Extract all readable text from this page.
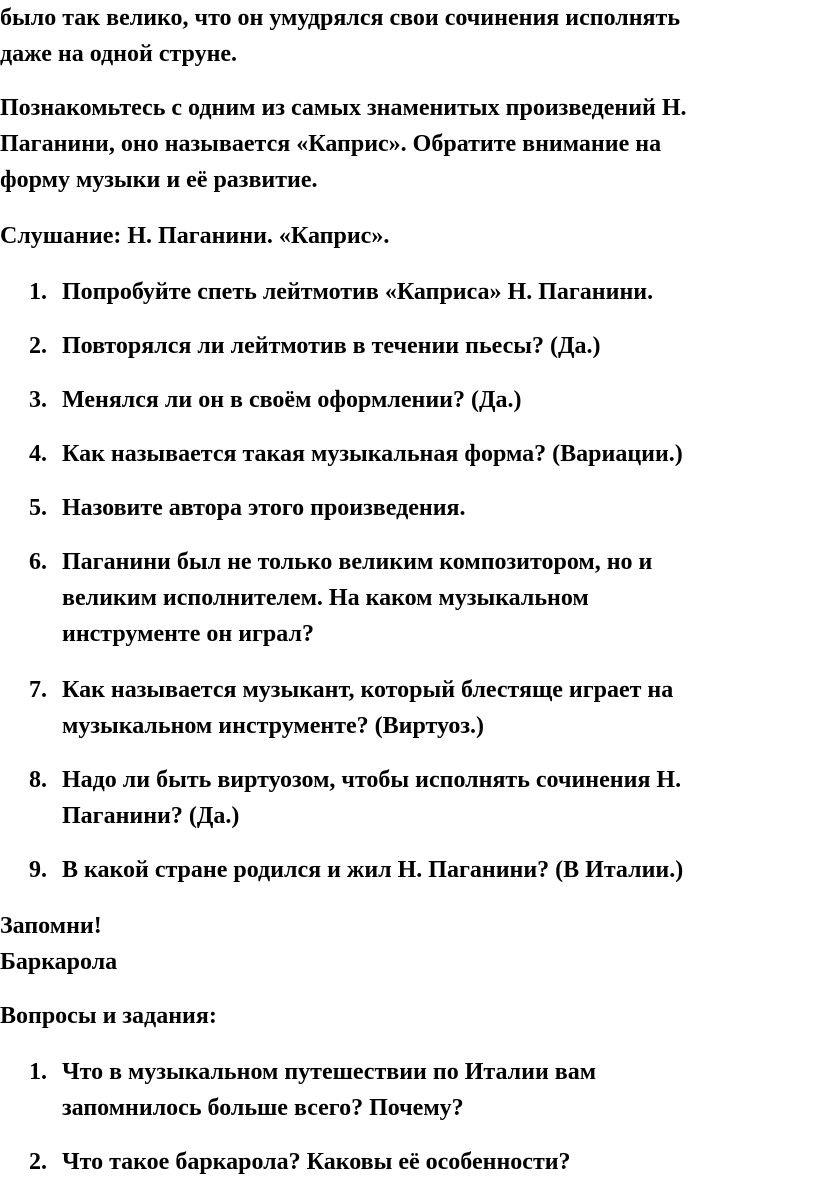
было так велико, что он умудрялся свои сочинения исполнять
даже на одной струне.
Познакомьтесь с одним из самых знаменитых произведений Н.
Паганини, оно называется «Каприс». Обратите внимание на
форму музыки и её развитие.
Слушание: Н. Паганини. «Каприс».
1. Попробуйте спеть лейтмотив «Каприса» Н. Паганини.
2. Повторялся ли лейтмотив в течении пьесы? (Да.)
3. Менялся ли он в своём оформлении? (Да.)
4. Как называется такая музыкальная форма? (Вариации.)
5. Назовите автора этого произведения.
6. Паганини был не только великим композитором, но и
великим исполнителем. На каком музыкальном
инструменте он играл?
7. Как называется музыкант, который блестяще играет на
музыкальном инструменте? (Виртуоз.)
8. Надо ли быть виртуозом, чтобы исполнять сочинения Н.
Паганини? (Да.)
9. В какой стране родился и жил Н. Паганини? (В Италии.)
Запомни!
Баркарола
Вопросы и задания:
1. Что в музыкальном путешествии по Италии вам
запомнилось больше всего? Почему?
2. Что такое баркарола? Каковы её особенности?
